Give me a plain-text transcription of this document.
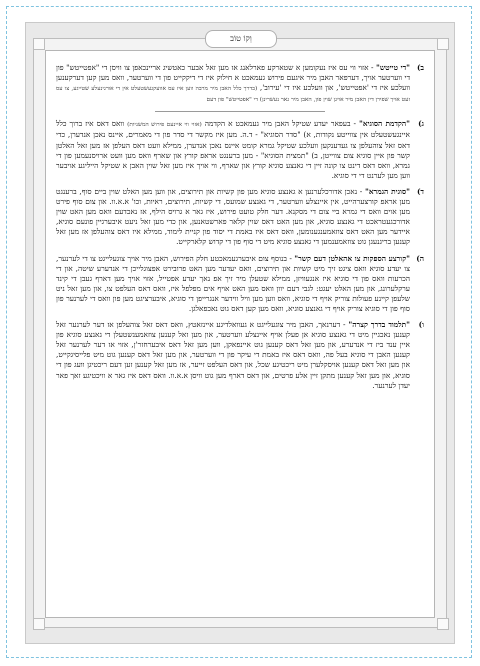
וְקוֹ טוֹב
ב)
"די טייטש" - אזוי ווי עס איז נעקומען א שטארקע פארלאנג אז מען זאל אבער כאטשיג אריינכאפן צו וויסן די "אפטייטש" פון די ווערטער אויך, דערפאר האבן מיר איגעם פירוש געמאכט א חילוק איז די דיקקייט פון די ווערטער, וואס מען קען דערקענען וועלכע איז די 'אפטייטש', און וועלכע איז די 'עירוב', (בדרך כלל האבן מיר מרבה ווען איז עס אוועקגעשטעלט אין די אורגינעלע שטייגע, צו עס זעט אויך שפירן דין האבן מיר אויגן שוין פון, האבן מיר גאר נעשרינן) די "אפטייטש" פון דעם
ג)
"הקדמת הסוגיא" - בעפאר יעדע שטיקל האבן מיר געמאכט א הקדמה (אזוי ווי איינעם פירוש המשניות) וואס דאס איז ברוך כלל איינגעשטעלט אין צווייטע נקודות, א) "סדר הסוגיא" - ד.ה. מען איז מקשר די סדר פון די מאמרים, איינס נאכן אנדערן, כדי דאס זאל צוהעלפן צו געדענקען וועלכע שטיקל גמרא קומט איינס נאכן אנדערן, ממילא וועט דאס העלפן אז מען זאל האלטן קשר פון איין סוגיא צום צווייטן, ב) "תמצית הסוגיא" - מען ברענגט אראפ קורץ און שארף וואס מען וועט ארויסנעמען פון די גמרא, וואס דאס דינט צו קונה זיין די גאנצע סוגיא קורץ און שארף, ווי אויך איז מען זאל שוין האבן א שטיקל הייליגע אויבער ווען מען לערנט די די סוגיא.
ד)
"סוגית הגמרא" - נאכן אדורכלערנען א גאנצע סוגיא מען פון קשיות און תירוצים, און ווען מען האלט שוין ביים סוף, ברענגט מען אראפ קורצערהייט, אין איינצלע ווערטער, די גאנצע שמועס, די קשיות, תירוצים, ראיות, וכו' א.א.וו. און צום סוף פירט מען אוים וואס די גמרא ביי צום די מסקנא. דער חלק טועט פירוש, איז גאר א גרויס הילף, אז נאכדעם וואס מען האט שוין אדורכגעטראכט די גאנצע סוגיא, און מען האט דאס שוין קלאר פארשטאנען, און כדי מען זאל ניעט איבערגיין פונעם סוגיא, איידער מען האט דאס צוזאמענגענומען, וואס דאס איז באמת די יסוד פון קניית לימוד, ממילא איז דאס צוהעלפן אז מען זאל קענען בריגנעגן גוט צוזאמענמען די גאנצע סוגיא מיט די סוף פון די קדוש קלארקייט.
ה)
"קורצע הספקות צו אהאלטן דעם קשר" - בנוסף צום איבערגעמאכטע חלק הפירוש, האבן מיר אויך צוגעלייגט צו די לערנער, צו יעדע סוגיא וואס ציגט זיך מיט קשיות און תירוצים, וואס יעדער מען האט פרובירט אפצוגלייכן די אנדערע שיטה, און די הכרעות וואס פון די סוגיא איז אנגעוויזן, ממילא שטעלן מיר זיך אפ נאך יעדע אפטייל, אזוי אויך מען דארף געבן די קינד ערקלערונג, און מען האלט יעגט: לגבי דעם יוון וואס מען האט אויף אים מפלפל איז, וואס דאס העלפט צו, און מען זאל ניט שלעפן קיינע פעולות צוריק אויף די סוגיא, וואס ווען מען וויל ווידער אנגרייפן די סוגיא, איבערציגט מען פון וואס די לערנער פון סוף פון די סוגיא צוריק אויף די גאנצע סוגיא, וואס מען קען דאס גוט נאכפאלגן.
ו)
"תלמוד בדרך קצרה" - דערנאך, האבן מיר צוגעלייגט א געוואלדיגע איינזאטץ, וואס דאס זאל צוהעלפן אז דער לערנער זאל קענען נאכגיין מיט די גאנצע סוגיא אן פעלן אויף איינצלע ווערטער, און מען זאל קענען צוזאמענשטעלן די גאנצע סוגיא פון איין ענד ביז די אנדערע, און מען זאל דאס קענען גוט איינפאקן, ווען מען זאל דאס איבערחזר'ן, אזוי אז דער לערנער זאל קענען האבן די סוגיא בעל פה, וואס דאס איז באמת די עיקר פון די ווערטער, און מען זאל דאס קענען גוט מיט פלייסיגקייט, און מען זאל דאס קענען אויסקלערן מיט ריכטיגע שכל, און דאס העלפט זייער, אז מען זאל קענען זען דעם ריכטיגן וועג פון די סוגיא, און מען זאל קענען מתקן זיין אלע פרטים, און דאס דארף מען גוט וויסן א.א.וו. וואס דאס איז גאר א וויכטיגע זאך פאר יעדן לערנער.
